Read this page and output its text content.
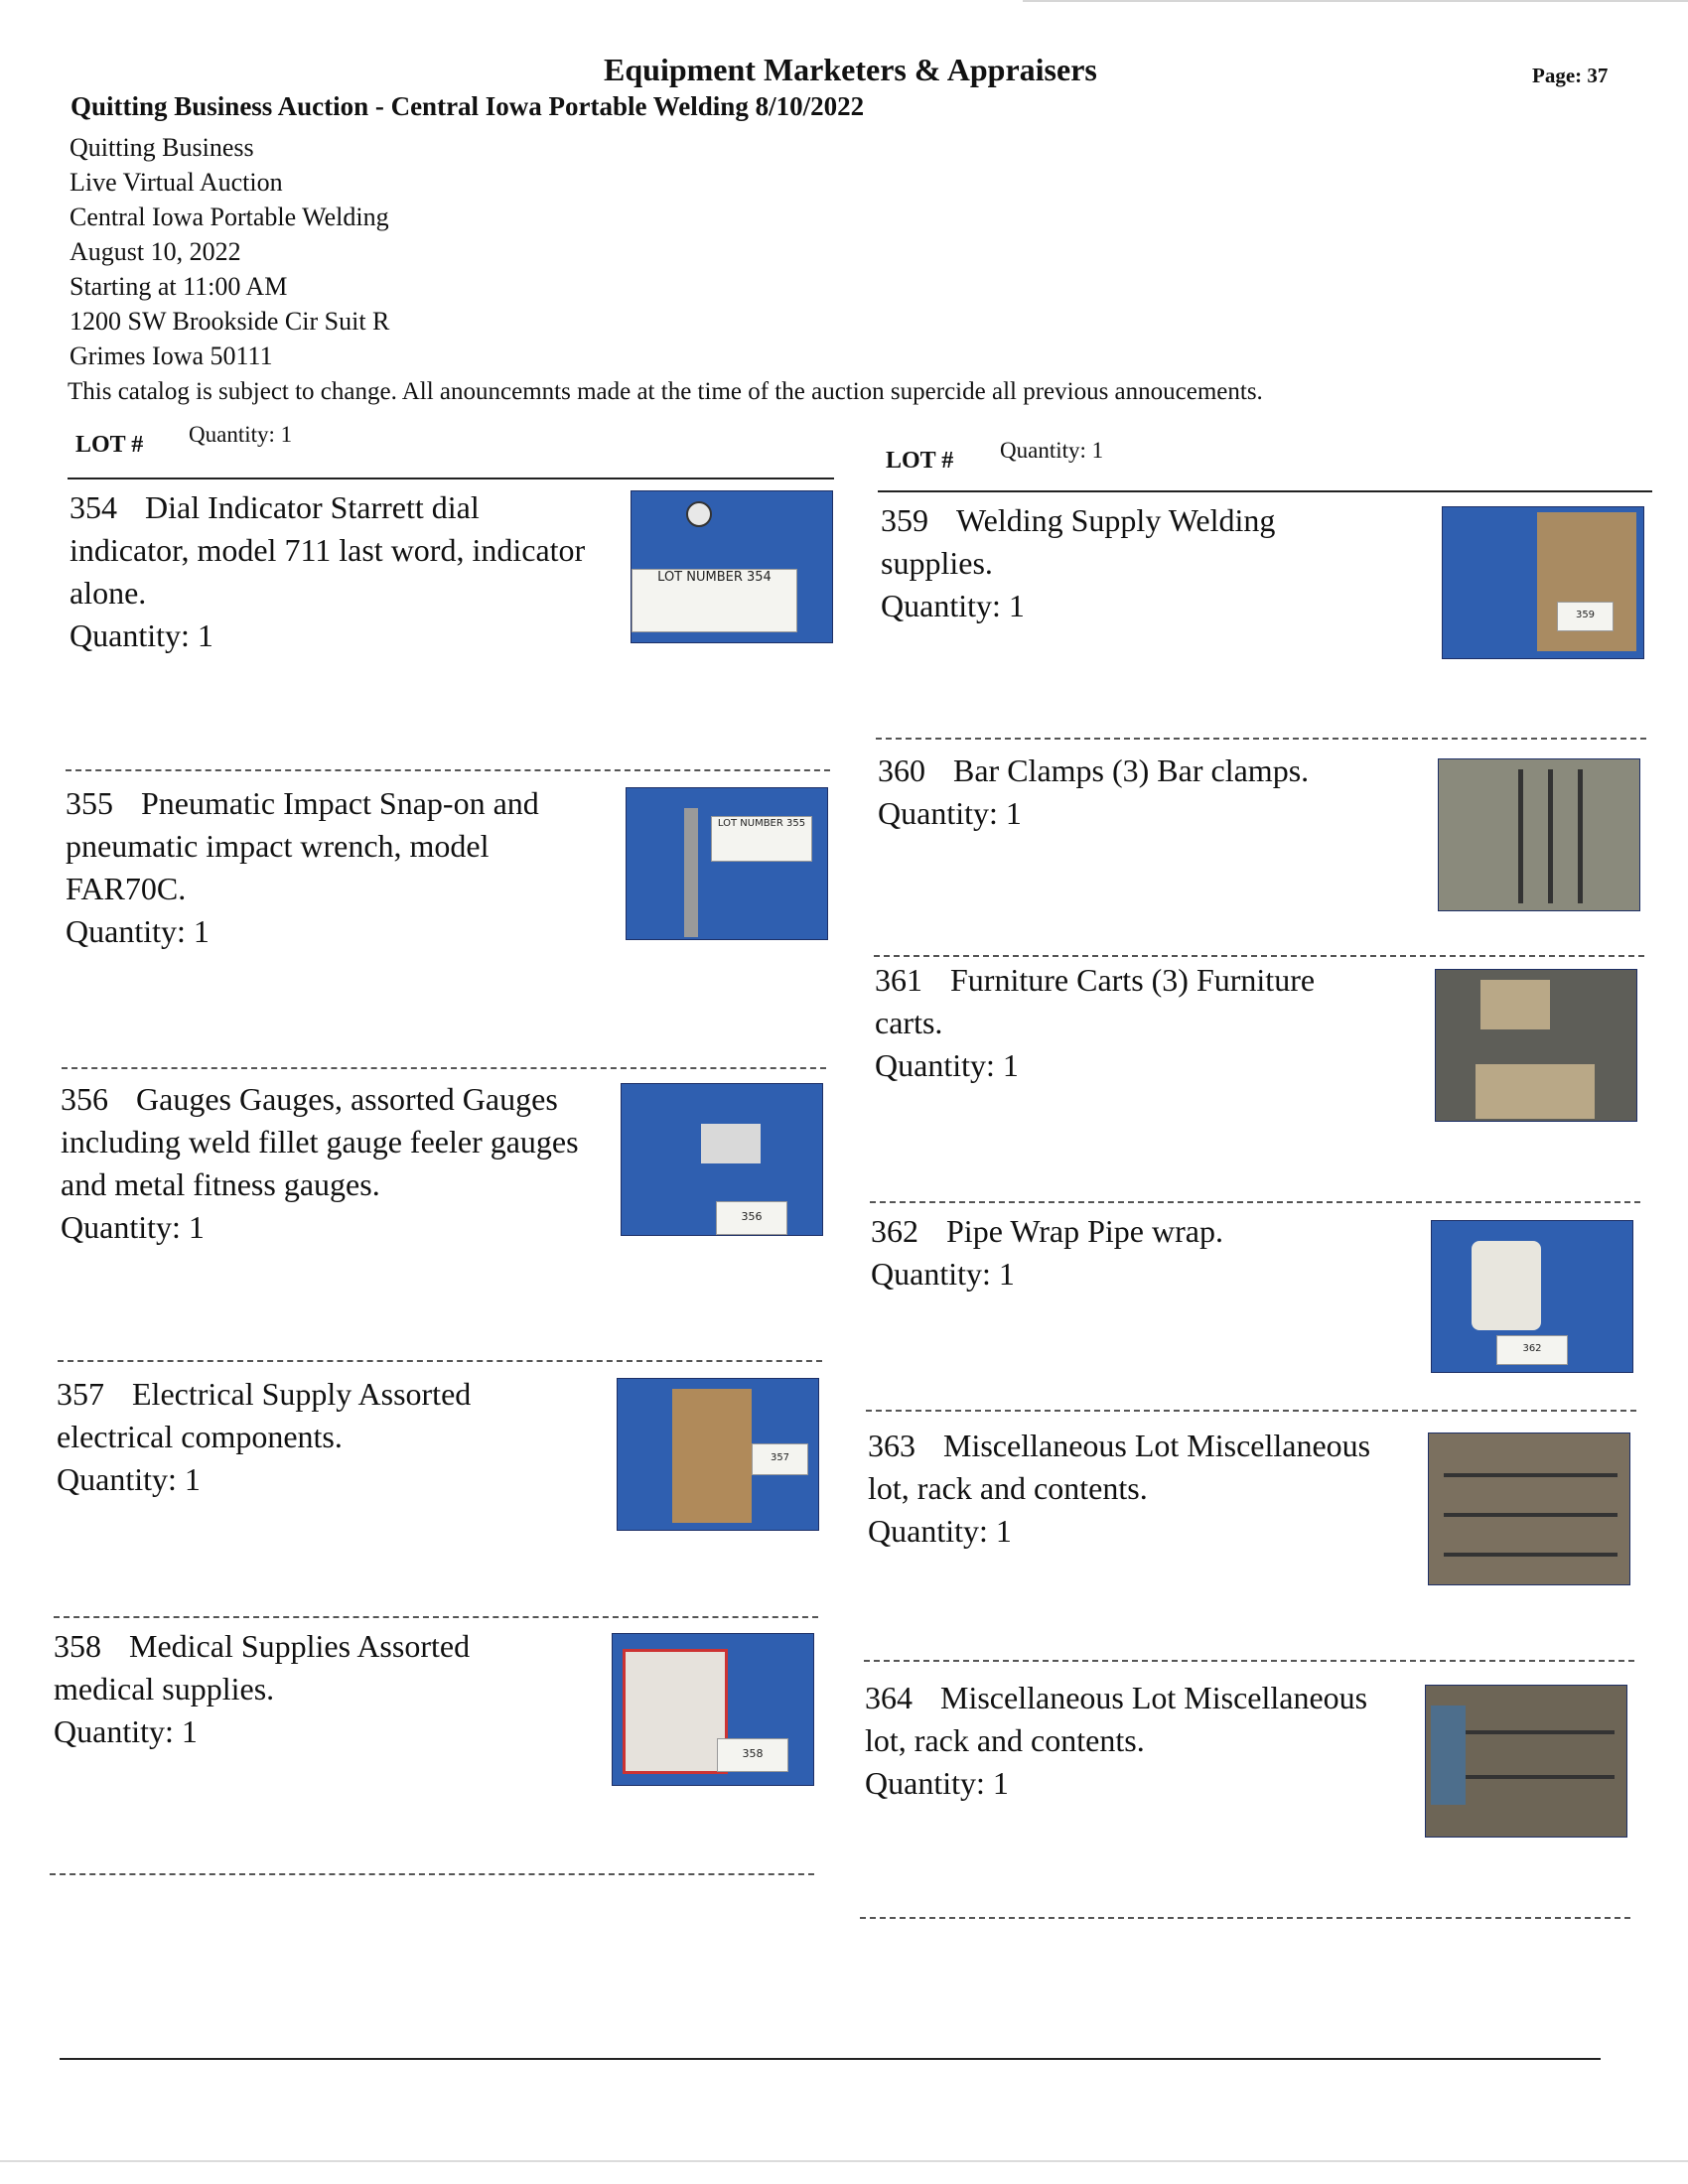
Equipment Marketers & Appraisers	Page: 37
Quitting Business Auction - Central Iowa Portable Welding 8/10/2022
Quitting Business
Live Virtual Auction
Central Iowa Portable Welding
August 10, 2022
Starting at 11:00 AM
1200 SW Brookside Cir Suit R
Grimes Iowa 50111
This catalog is subject to change. All anouncemnts made at the time of the auction supercide all previous annoucements.
LOT # Quantity: 1
LOT # Quantity: 1
354 Dial Indicator Starrett dial
indicator, model 711 last word, indicator
alone.
Quantity: 1
LOT NUMBER 354
355 Pneumatic Impact Snap-on and
pneumatic impact wrench, model
FAR70C.
Quantity: 1
LOT NUMBER 355
356 Gauges Gauges, assorted Gauges
including weld fillet gauge feeler gauges
and metal fitness gauges.
Quantity: 1	356
357 Electrical Supply Assorted
electrical components.
Quantity: 1
357
358 Medical Supplies Assorted
medical supplies.
Quantity: 1
358
359 Welding Supply Welding
supplies.
Quantity: 1	359
360 Bar Clamps (3) Bar clamps.
Quantity: 1
361 Furniture Carts (3) Furniture
carts.
Quantity: 1
362 Pipe Wrap Pipe wrap.
Quantity: 1
362
363 Miscellaneous Lot Miscellaneous
lot, rack and contents.
Quantity: 1
364 Miscellaneous Lot Miscellaneous
lot, rack and contents.
Quantity: 1
